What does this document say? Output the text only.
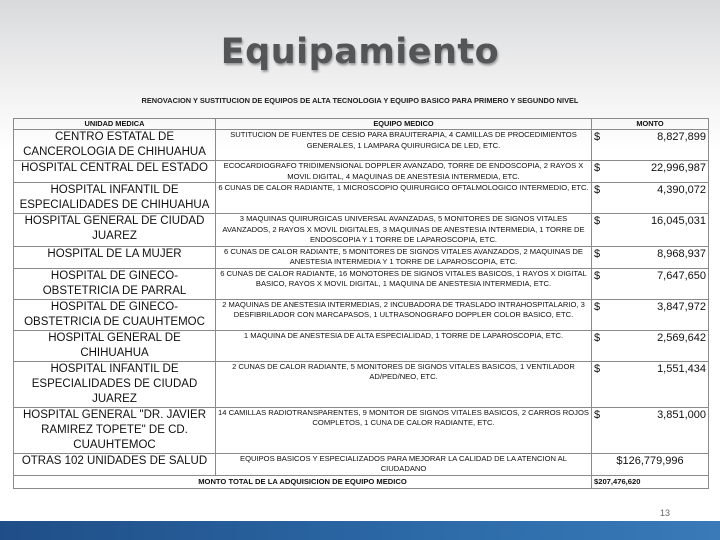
Equipamiento
RENOVACION Y SUSTITUCION DE EQUIPOS DE ALTA TECNOLOGIA Y EQUIPO BASICO PARA PRIMERO Y SEGUNDO NIVEL
UNIDAD MEDICA	EQUIPO MEDICO	MONTO
CENTRO ESTATAL DE CANCEROLOGIA DE CHIHUAHUA	SUTITUCION DE FUENTES DE CESIO PARA BRAUITERAPIA, 4 CAMILLAS DE PROCEDIMIENTOS GENERALES, 1 LAMPARA QUIRURGICA DE LED, ETC.	$ 8,827,899

HOSPITAL CENTRAL DEL ESTADO	ECOCARDIOGRAFO TRIDIMENSIONAL DOPPLER AVANZADO, TORRE DE ENDOSCOPIA, 2 RAYOS X MOVIL DIGITAL, 4 MAQUINAS DE ANESTESIA INTERMEDIA, ETC.	$ 22,996,987

HOSPITAL INFANTIL DE ESPECIALIDADES DE CHIHUAHUA	6 CUNAS DE CALOR RADIANTE, 1 MICROSCOPIO QUIRURGICO OFTALMOLOGICO INTERMEDIO, ETC.	$ 4,390,072

HOSPITAL GENERAL DE CIUDAD JUAREZ	3 MAQUINAS QUIRURGICAS UNIVERSAL AVANZADAS, 5 MONITORES DE SIGNOS VITALES AVANZADOS, 2 RAYOS X MOVIL DIGITALES, 3 MAQUINAS DE ANESTESIA INTERMEDIA, 1 TORRE DE ENDOSCOPIA Y 1 TORRE DE LAPAROSCOPIA, ETC.	$ 16,045,031

HOSPITAL DE LA MUJER	6 CUNAS DE CALOR RADIANTE, 5 MONITORES DE SIGNOS VITALES AVANZADOS, 2 MAQUINAS DE ANESTESIA INTERMEDIA Y 1 TORRE DE LAPAROSCOPIA, ETC.	$ 8,968,937

HOSPITAL DE GINECO-OBSTETRICIA DE PARRAL	6 CUNAS DE CALOR RADIANTE, 16 MONOTORES DE SIGNOS VITALES BASICOS, 1 RAYOS X DIGITAL BASICO, RAYOS X MOVIL DIGITAL, 1 MAQUINA DE ANESTESIA INTERMEDIA, ETC.	$ 7,647,650

HOSPITAL DE GINECO-OBSTETRICIA DE CUAUHTEMOC	2 MAQUINAS DE ANESTESIA INTERMEDIAS, 2 INCUBADORA DE TRASLADO INTRAHOSPITALARIO, 3 DESFIBRILADOR CON MARCAPASOS, 1 ULTRASONOGRAFO DOPPLER COLOR BASICO, ETC.	$ 3,847,972

HOSPITAL GENERAL DE CHIHUAHUA	1 MAQUINA DE ANESTESIA DE ALTA ESPECIALIDAD, 1 TORRE DE LAPAROSCOPIA, ETC.	$ 2,569,642

HOSPITAL INFANTIL DE ESPECIALIDADES DE CIUDAD JUAREZ	2 CUNAS DE CALOR RADIANTE, 5 MONITORES DE SIGNOS VITALES BASICOS, 1 VENTILADOR AD/PED/NEO, ETC.	$ 1,551,434

HOSPITAL GENERAL "DR. JAVIER RAMIREZ TOPETE" DE CD. CUAUHTEMOC	14 CAMILLAS RADIOTRANSPARENTES, 9 MONITOR DE SIGNOS VITALES BASICOS, 2 CARROS ROJOS COMPLETOS, 1 CUNA DE CALOR RADIANTE, ETC.	$ 3,851,000

OTRAS 102 UNIDADES DE SALUD	EQUIPOS BASICOS Y ESPECIALIZADOS PARA MEJORAR LA CALIDAD DE LA ATENCION AL CIUDADANO	$126,779,996

MONTO TOTAL DE LA ADQUISICION DE EQUIPO MEDICO		$207,476,620
13
